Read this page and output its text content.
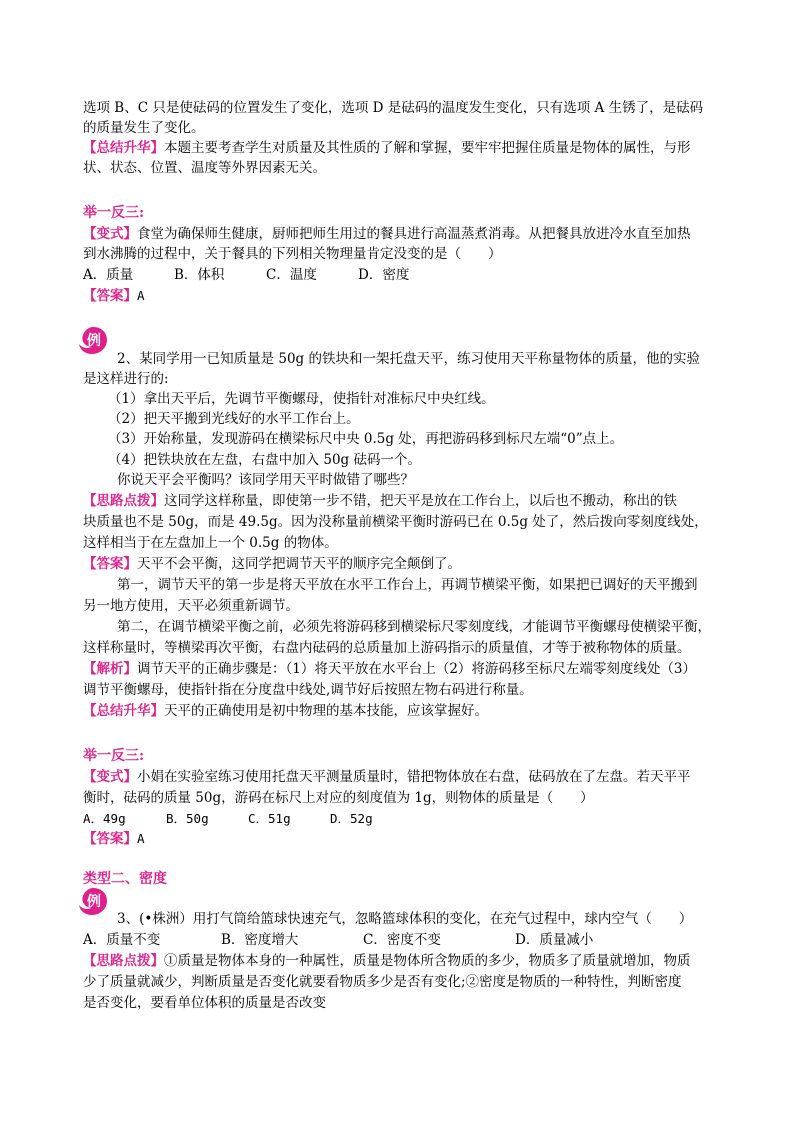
选项 B、C 只是使砝码的位置发生了变化，选项 D 是砝码的温度发生变化，只有选项 A 生锈了，是砝码
的质量发生了变化。
【总结升华】本题主要考查学生对质量及其性质的了解和掌握，要牢牢把握住质量是物体的属性，与形
状、状态、位置、温度等外界因素无关。
举一反三:
【变式】食堂为确保师生健康，厨师把师生用过的餐具进行高温蒸煮消毒。从把餐具放进冷水直至加热
到水沸腾的过程中，关于餐具的下列相关物理量肯定没变的是（　　）
A．质量	B．体积	C．温度	D．密度
【答案】A
例
2、某同学用一已知质量是 50g 的铁块和一架托盘天平，练习使用天平称量物体的质量，他的实验
是这样进行的:
（1）拿出天平后，先调节平衡螺母，使指针对准标尺中央红线。
（2）把天平搬到光线好的水平工作台上。
（3）开始称量，发现游码在横梁标尺中央 0.5g 处，再把游码移到标尺左端“0”点上。
（4）把铁块放在左盘，右盘中加入 50g 砝码一个。
你说天平会平衡吗？该同学用天平时做错了哪些？
【思路点拨】这同学这样称量，即使第一步不错，把天平是放在工作台上，以后也不搬动，称出的铁
块质量也不是 50g，而是 49.5g。因为没称量前横梁平衡时游码已在 0.5g 处了，然后拨向零刻度线处，
这样相当于在左盘加上一个 0.5g 的物体。
【答案】天平不会平衡，这同学把调节天平的顺序完全颠倒了。
第一，调节天平的第一步是将天平放在水平工作台上，再调节横梁平衡，如果把已调好的天平搬到
另一地方使用，天平必须重新调节。
第二，在调节横梁平衡之前，必须先将游码移到横梁标尺零刻度线，才能调节平衡螺母使横梁平衡，
这样称量时，等横梁再次平衡，右盘内砝码的总质量加上游码指示的质量值，才等于被称物体的质量。
【解析】调节天平的正确步骤是：（1）将天平放在水平台上（2）将游码移至标尺左端零刻度线处（3）
调节平衡螺母，使指针指在分度盘中线处,调节好后按照左物右码进行称量。
【总结升华】天平的正确使用是初中物理的基本技能，应该掌握好。
举一反三:
【变式】小娟在实验室练习使用托盘天平测量质量时，错把物体放在右盘，砝码放在了左盘。若天平平
衡时，砝码的质量 50g，游码在标尺上对应的刻度值为 1g，则物体的质量是（　　）
A．49g	B．50g	C．51g	D．52g
【答案】A
类型二、密度
例
3、(•株洲）用打气筒给篮球快速充气，忽略篮球体积的变化，在充气过程中，球内空气（　　）
A．质量不变	B．密度增大	C．密度不变	D．质量减小
【思路点拨】①质量是物体本身的一种属性，质量是物体所含物质的多少，物质多了质量就增加，物质
少了质量就减少，判断质量是否变化就要看物质多少是否有变化;②密度是物质的一种特性，判断密度
是否变化，要看单位体积的质量是否改变
